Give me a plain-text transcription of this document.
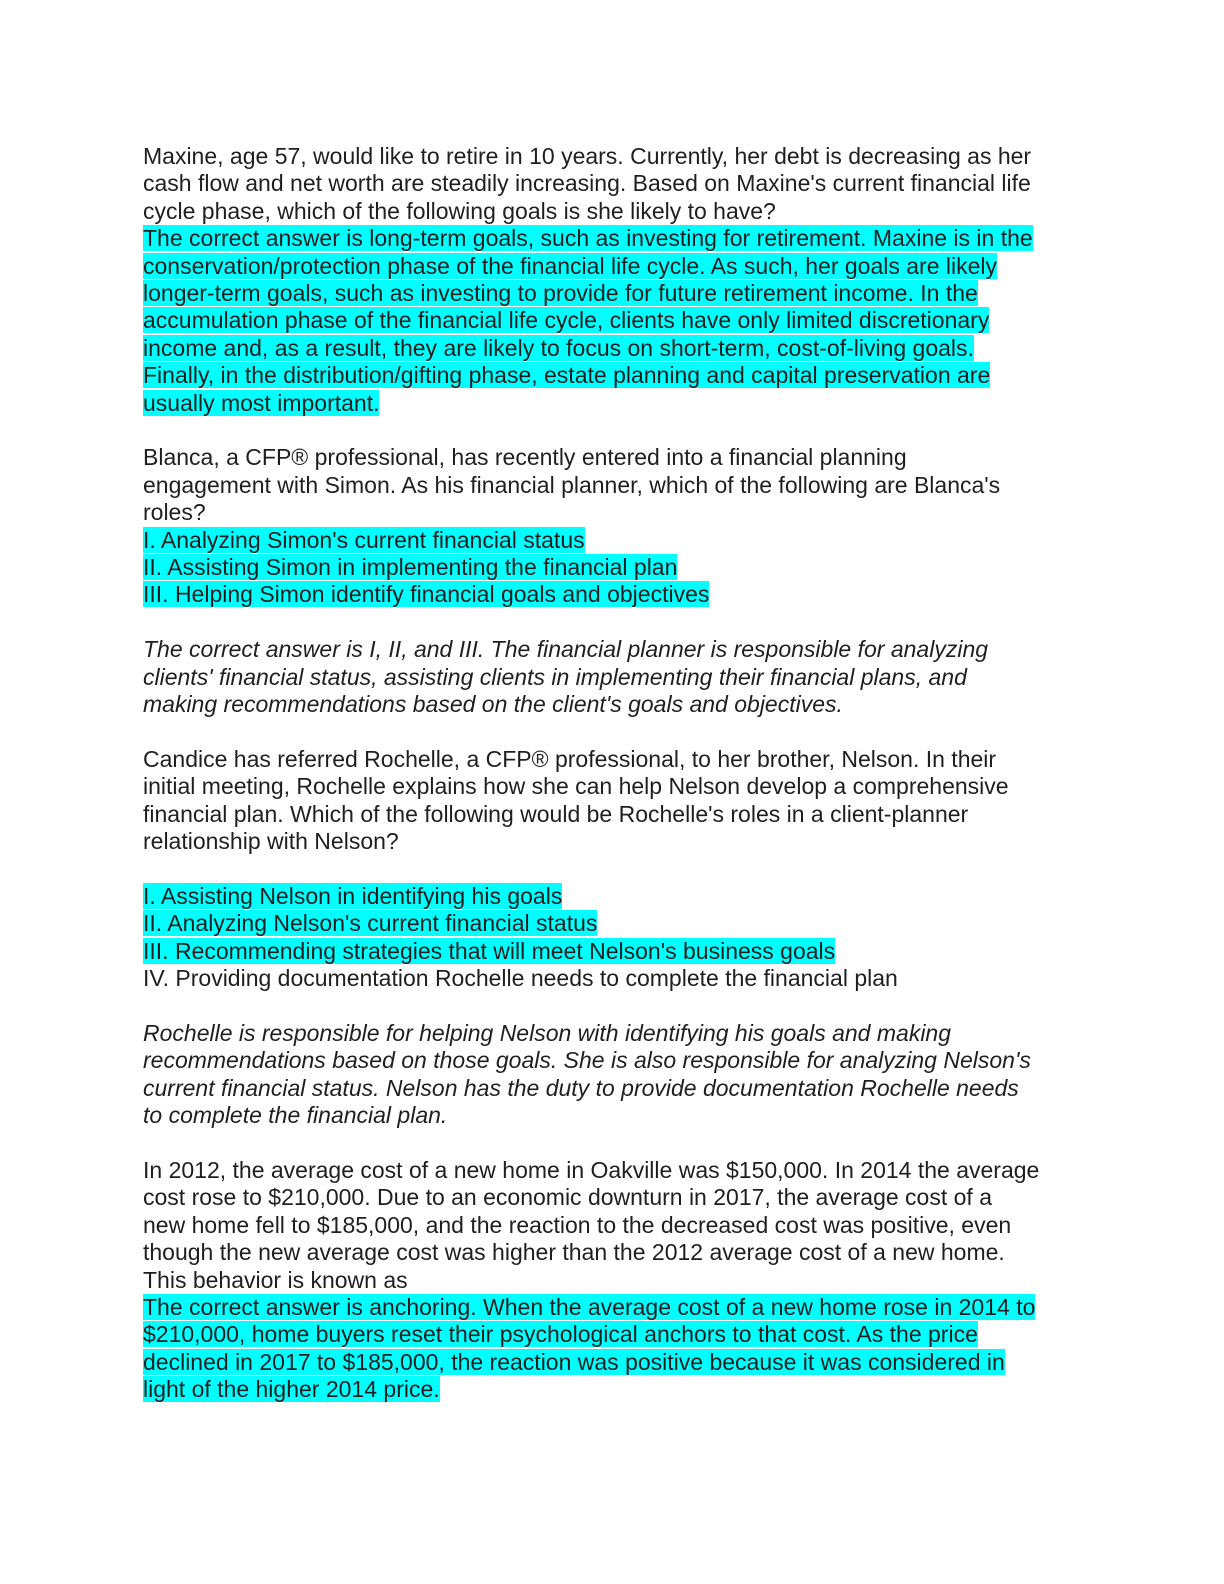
Maxine, age 57, would like to retire in 10 years. Currently, her debt is decreasing as her
cash flow and net worth are steadily increasing. Based on Maxine's current financial life
cycle phase, which of the following goals is she likely to have?
The correct answer is long-term goals, such as investing for retirement. Maxine is in the
conservation/protection phase of the financial life cycle. As such, her goals are likely
longer-term goals, such as investing to provide for future retirement income. In the
accumulation phase of the financial life cycle, clients have only limited discretionary
income and, as a result, they are likely to focus on short-term, cost-of-living goals.
Finally, in the distribution/gifting phase, estate planning and capital preservation are
usually most important.
Blanca, a CFP® professional, has recently entered into a financial planning
engagement with Simon. As his financial planner, which of the following are Blanca's
roles?
I. Analyzing Simon's current financial status
II. Assisting Simon in implementing the financial plan
III. Helping Simon identify financial goals and objectives
The correct answer is I, II, and III. The financial planner is responsible for analyzing
clients' financial status, assisting clients in implementing their financial plans, and
making recommendations based on the client's goals and objectives.
Candice has referred Rochelle, a CFP® professional, to her brother, Nelson. In their
initial meeting, Rochelle explains how she can help Nelson develop a comprehensive
financial plan. Which of the following would be Rochelle's roles in a client-planner
relationship with Nelson?
I. Assisting Nelson in identifying his goals
II. Analyzing Nelson's current financial status
III. Recommending strategies that will meet Nelson's business goals
IV. Providing documentation Rochelle needs to complete the financial plan
Rochelle is responsible for helping Nelson with identifying his goals and making
recommendations based on those goals. She is also responsible for analyzing Nelson's
current financial status. Nelson has the duty to provide documentation Rochelle needs
to complete the financial plan.
In 2012, the average cost of a new home in Oakville was $150,000. In 2014 the average
cost rose to $210,000. Due to an economic downturn in 2017, the average cost of a
new home fell to $185,000, and the reaction to the decreased cost was positive, even
though the new average cost was higher than the 2012 average cost of a new home.
This behavior is known as
The correct answer is anchoring. When the average cost of a new home rose in 2014 to
$210,000, home buyers reset their psychological anchors to that cost. As the price
declined in 2017 to $185,000, the reaction was positive because it was considered in
light of the higher 2014 price.
